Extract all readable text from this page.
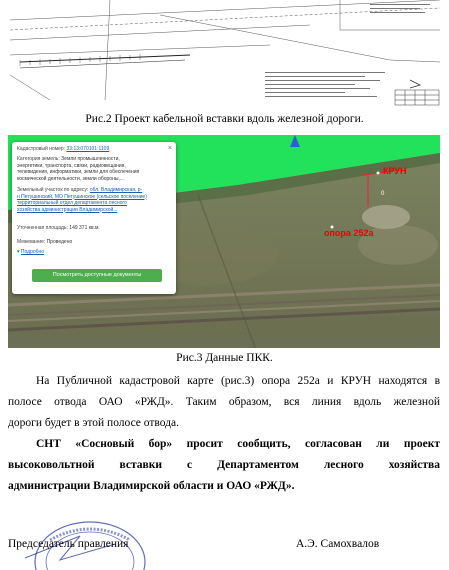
Рис.2 Проект кабельной вставки вдоль железной дороги.
КРУН
опора 252а
0
×
Кадастровый номер: 33:13:070101:1109
Категория земель: Земли промышленности,
энергетики, транспорта, связи, радиовещания,
телевидения, информатики, земли для обеспечения
космической деятельности, земли обороны,...
Земельный участок по адресу: обл. Владимирская, р-
н Петушинский, МО Петушинское (сельское поселение)
территориальный отдел департамента лесного
хозяйства администрации Владимирской...
Уточненная площадь: 149 371 кв.м.
Межевание: Проведено
▾ Подробно
Посмотреть доступные документы
Рис.3 Данные ПКК.
На Публичной кадастровой карте (рис.3) опора 252а и КРУН находятся в
полосе отвода ОАО «РЖД». Таким образом, вся линия вдоль железной
дороги будет в этой полосе отвода.
СНТ «Сосновый бор» просит сообщить, согласован ли проект
высоковольтной вставки с Департаментом лесного хозяйства
администрации Владимирской области и ОАО «РЖД».
Председатель правления	А.Э. Самохвалов
